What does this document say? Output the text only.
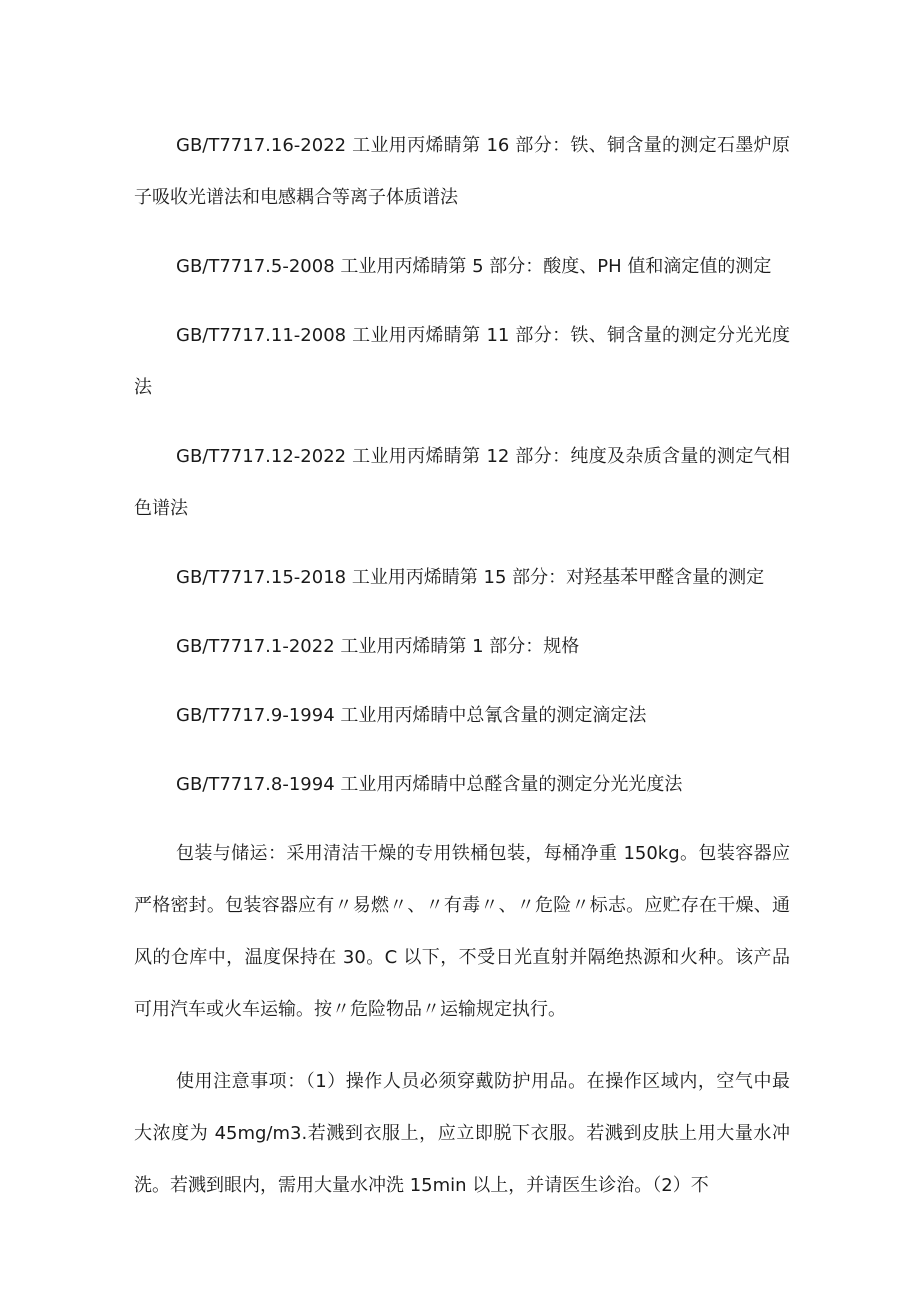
GB/T7717.16-2022 工业用丙烯睛第 16 部分：铁、铜含量的测定石墨炉原子吸收光谱法和电感耦合等离子体质谱法

GB/T7717.5-2008 工业用丙烯睛第 5 部分：酸度、PH 值和滴定值的测定

GB/T7717.11-2008 工业用丙烯睛第 11 部分：铁、铜含量的测定分光光度法

GB/T7717.12-2022 工业用丙烯睛第 12 部分：纯度及杂质含量的测定气相色谱法

GB/T7717.15-2018 工业用丙烯睛第 15 部分：对羟基苯甲醛含量的测定

GB/T7717.1-2022 工业用丙烯睛第 1 部分：规格

GB/T7717.9-1994 工业用丙烯睛中总氰含量的测定滴定法

GB/T7717.8-1994 工业用丙烯睛中总醛含量的测定分光光度法

包装与储运：采用清洁干燥的专用铁桶包装，每桶净重 150kg。包装容器应严格密封。包装容器应有〃易燃〃、〃有毒〃、〃危险〃标志。应贮存在干燥、通风的仓库中，温度保持在 30。C 以下，不受日光直射并隔绝热源和火种。该产品可用汽车或火车运输。按〃危险物品〃运输规定执行。

使用注意事项：（1）操作人员必须穿戴防护用品。在操作区域内，空气中最大浓度为 45mg/m3.若溅到衣服上，应立即脱下衣服。若溅到皮肤上用大量水冲洗。若溅到眼内，需用大量水冲洗 15min 以上，并请医生诊治。（2）不
